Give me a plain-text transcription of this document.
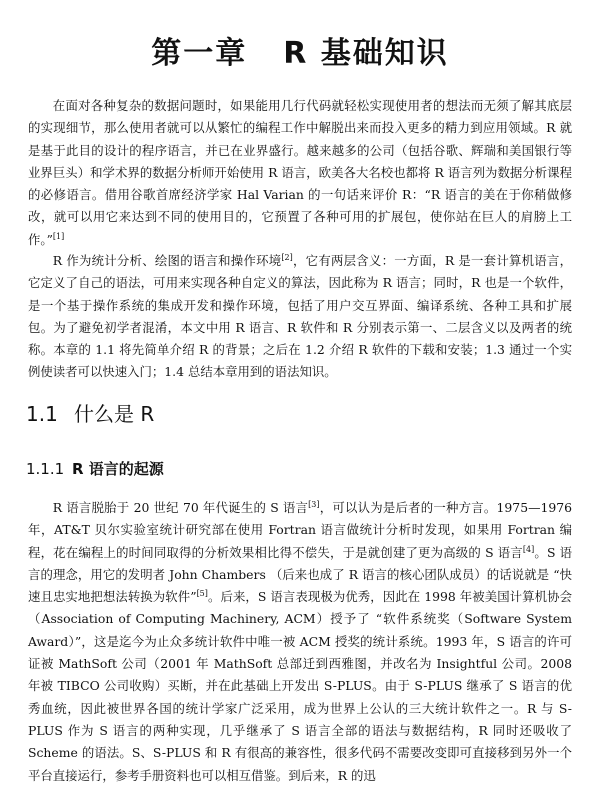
第一章 R 基础知识

在面对各种复杂的数据问题时，如果能用几行代码就轻松实现使用者的想法而无须了解其底层的实现细节，那么使用者就可以从繁忙的编程工作中解脱出来而投入更多的精力到应用领域。R 就是基于此目的设计的程序语言，并已在业界盛行。越来越多的公司（包括谷歌、辉瑞和美国银行等业界巨头）和学术界的数据分析师开始使用 R 语言，欧美各大名校也都将 R 语言列为数据分析课程的必修语言。借用谷歌首席经济学家 Hal Varian 的一句话来评价 R：“R 语言的美在于你稍做修改，就可以用它来达到不同的使用目的，它预置了各种可用的扩展包，使你站在巨人的肩膀上工作。”[1]

R 作为统计分析、绘图的语言和操作环境[2]，它有两层含义：一方面，R 是一套计算机语言，它定义了自己的语法，可用来实现各种自定义的算法，因此称为 R 语言；同时，R 也是一个软件，是一个基于操作系统的集成开发和操作环境，包括了用户交互界面、编译系统、各种工具和扩展包。为了避免初学者混淆，本文中用 R 语言、R 软件和 R 分别表示第一、二层含义以及两者的统称。本章的 1.1 将先简单介绍 R 的背景；之后在 1.2 介绍 R 软件的下载和安装；1.3 通过一个实例使读者可以快速入门；1.4 总结本章用到的语法知识。

1.1 什么是 R
1.1.1 R 语言的起源

R 语言脱胎于 20 世纪 70 年代诞生的 S 语言[3]，可以认为是后者的一种方言。1975—1976 年，AT&T 贝尔实验室统计研究部在使用 Fortran 语言做统计分析时发现，如果用 Fortran 编程，花在编程上的时间同取得的分析效果相比得不偿失，于是就创建了更为高级的 S 语言[4]。S 语言的理念，用它的发明者 John Chambers （后来也成了 R 语言的核心团队成员）的话说就是 “快速且忠实地把想法转换为软件”[5]。后来，S 语言表现极为优秀，因此在 1998 年被美国计算机协会（Association of Computing Machinery, ACM）授予了 “软件系统奖（Software System Award）”，这是迄今为止众多统计软件中唯一被 ACM 授奖的统计系统。1993 年，S 语言的许可证被 MathSoft 公司（2001 年 MathSoft 总部迁到西雅图，并改名为 Insightful 公司。2008 年被 TIBCO 公司收购）买断，并在此基础上开发出 S-PLUS。由于 S-PLUS 继承了 S 语言的优秀血统，因此被世界各国的统计学家广泛采用，成为世界上公认的三大统计软件之一。R 与 S-PLUS 作为 S 语言的两种实现，几乎继承了 S 语言全部的语法与数据结构，R 同时还吸收了 Scheme 的语法。S、S-PLUS 和 R 有很高的兼容性，很多代码不需要改变即可直接移到另外一个平台直接运行，参考手册资料也可以相互借鉴。到后来，R 的迅
